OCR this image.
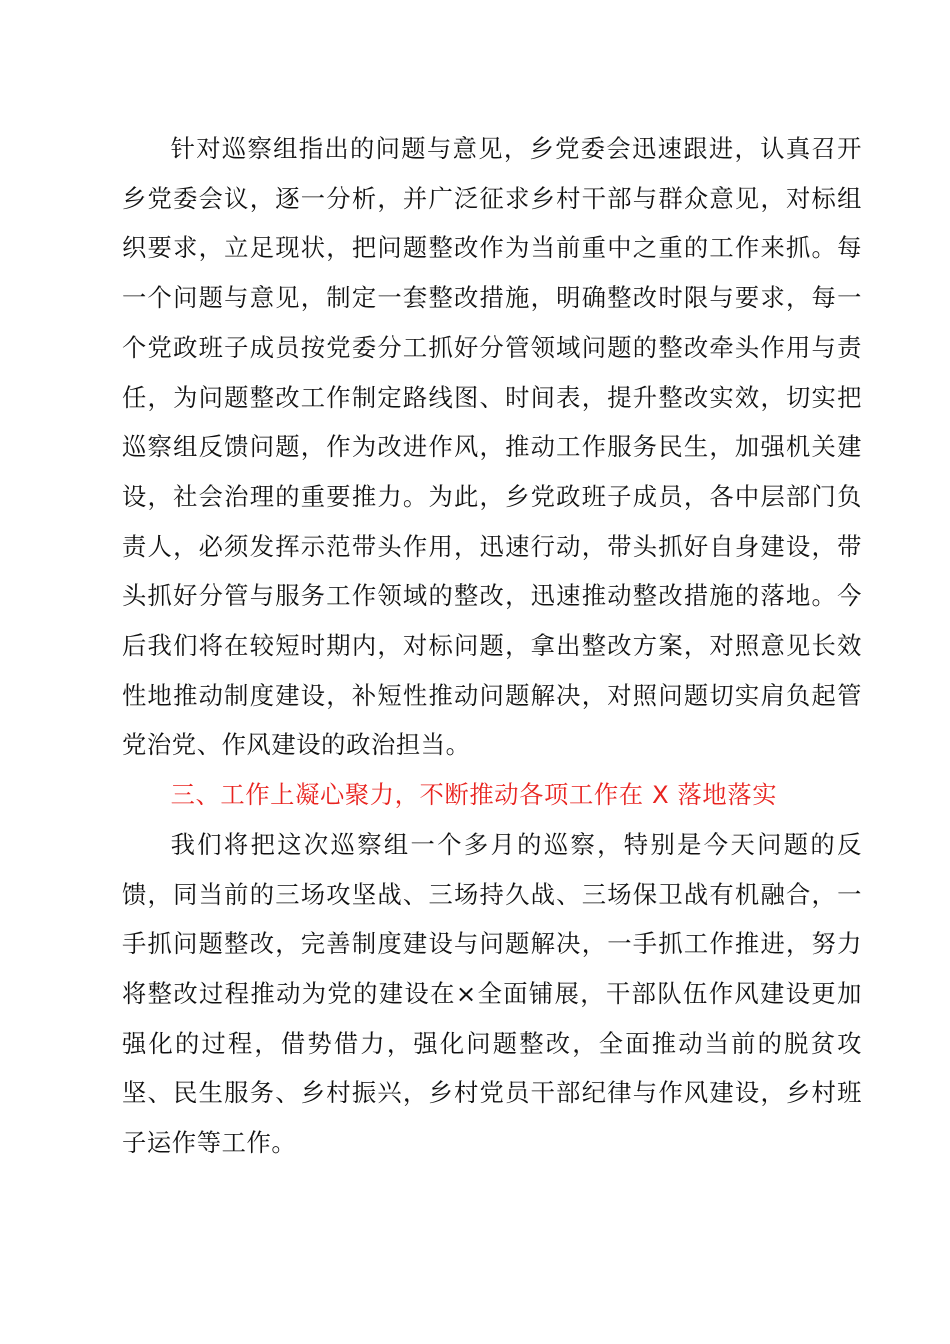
针对巡察组指出的问题与意见，乡党委会迅速跟进，认真召开乡党委会议，逐一分析，并广泛征求乡村干部与群众意见，对标组织要求，立足现状，把问题整改作为当前重中之重的工作来抓。每一个问题与意见，制定一套整改措施，明确整改时限与要求，每一个党政班子成员按党委分工抓好分管领域问题的整改牵头作用与责任，为问题整改工作制定路线图、时间表，提升整改实效，切实把巡察组反馈问题，作为改进作风，推动工作服务民生，加强机关建设，社会治理的重要推力。为此，乡党政班子成员，各中层部门负责人，必须发挥示范带头作用，迅速行动，带头抓好自身建设，带头抓好分管与服务工作领域的整改，迅速推动整改措施的落地。今后我们将在较短时期内，对标问题，拿出整改方案，对照意见长效性地推动制度建设，补短性推动问题解决，对照问题切实肩负起管党治党、作风建设的政治担当。

三、工作上凝心聚力，不断推动各项工作在 X 落地落实

我们将把这次巡察组一个多月的巡察，特别是今天问题的反馈，同当前的三场攻坚战、三场持久战、三场保卫战有机融合，一手抓问题整改，完善制度建设与问题解决，一手抓工作推进，努力将整改过程推动为党的建设在×全面铺展，干部队伍作风建设更加强化的过程，借势借力，强化问题整改，全面推动当前的脱贫攻坚、民生服务、乡村振兴，乡村党员干部纪律与作风建设，乡村班子运作等工作。
